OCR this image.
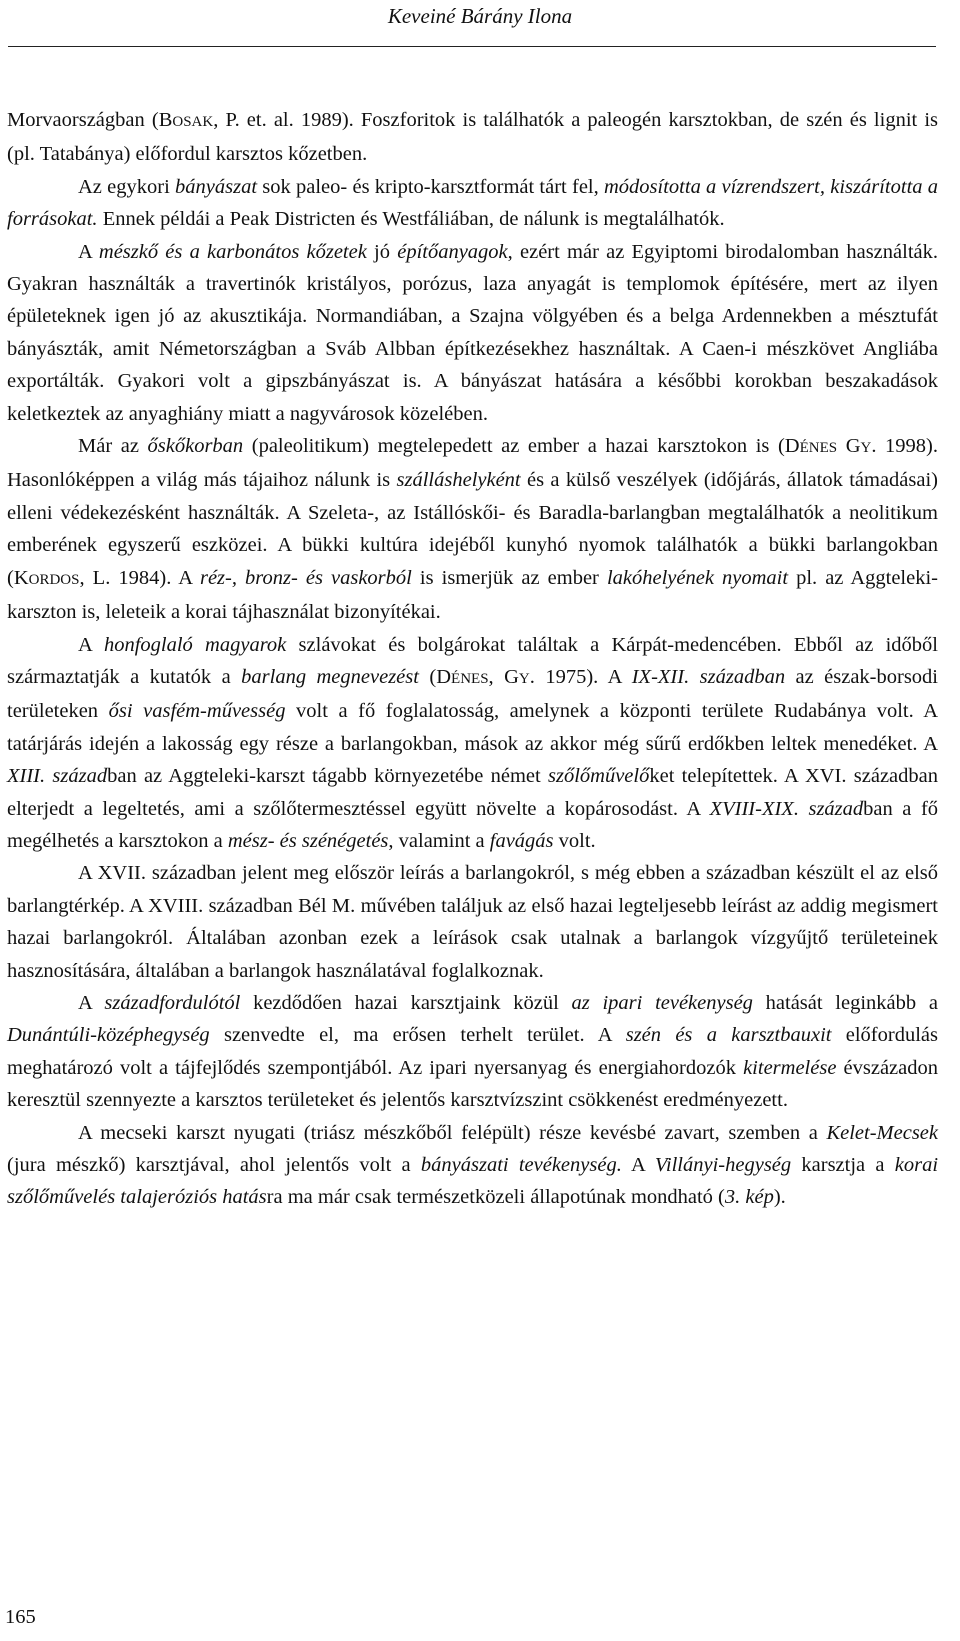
Keveiné Bárány Ilona

Morvaországban (BOSAK, P. et. al. 1989). Foszforitok is találhatók a paleogén karsztokban, de szén és lignit is (pl. Tatabánya) előfordul karsztos kőzetben.

Az egykori bányászat sok paleo- és kripto-karsztformát tárt fel, módosította a vízrendszert, kiszárította a forrásokat. Ennek példái a Peak Districten és Westfáliában, de nálunk is megtalálhatók.

A mészkő és a karbonátos kőzetek jó építőanyagok, ezért már az Egyiptomi birodalomban használták. Gyakran használták a travertinók kristályos, porózus, laza anyagát is templomok építésére, mert az ilyen épületeknek igen jó az akusztikája. Normandiában, a Szajna völgyében és a belga Ardennekben a mésztufát bányászták, amit Németországban a Sváb Albban építkezésekhez használtak. A Caen-i mészkövet Angliába exportálták. Gyakori volt a gipszbányászat is. A bányászat hatására a későbbi korokban beszakadások keletkeztek az anyaghiány miatt a nagyvárosok közelében.

Már az őskőkorban (paleolitikum) megtelepedett az ember a hazai karsztokon is (DÉNES GY. 1998). Hasonlóképpen a világ más tájaihoz nálunk is szálláshelyként és a külső veszélyek (időjárás, állatok támadásai) elleni védekezésként használták. A Szeleta-, az Istállóskői- és Baradla-barlangban megtalálhatók a neolitikum emberének egyszerű eszközei. A bükki kultúra idejéből kunyhó nyomok találhatók a bükki barlangokban (KORDOS, L. 1984). A réz-, bronz- és vaskorból is ismerjük az ember lakóhelyének nyomait pl. az Aggteleki-karszton is, leleteik a korai tájhasználat bizonyítékai.

A honfoglaló magyarok szlávokat és bolgárokat találtak a Kárpát-medencében. Ebből az időből származtatják a kutatók a barlang megnevezést (DÉNES, GY. 1975). A IX-XII. században az észak-borsodi területeken ősi vasfém-művesség volt a fő foglalatosság, amelynek a központi területe Rudabánya volt. A tatárjárás idején a lakosság egy része a barlangokban, mások az akkor még sűrű erdőkben leltek menedéket. A XIII. században az Aggteleki-karszt tágabb környezetébe német szőlőművelőket telepítettek. A XVI. században elterjedt a legeltetés, ami a szőlőtermesztéssel együtt növelte a kopárosodást. A XVIII-XIX. században a fő megélhetés a karsztokon a mész- és szénégetés, valamint a favágás volt.

A XVII. században jelent meg először leírás a barlangokról, s még ebben a században készült el az első barlangtérkép. A XVIII. században Bél M. művében találjuk az első hazai legteljesebb leírást az addig megismert hazai barlangokról. Általában azonban ezek a leírások csak utalnak a barlangok vízgyűjtő területeinek hasznosítására, általában a barlangok használatával foglalkoznak.

A századfordulótól kezdődően hazai karsztjaink közül az ipari tevékenység hatását leginkább a Dunántúli-középhegység szenvedte el, ma erősen terhelt terület. A szén és a karsztbauxit előfordulás meghatározó volt a tájfejlődés szempontjából. Az ipari nyersanyag és energiahordozók kitermelése évszázadon keresztül szennyezte a karsztos területeket és jelentős karsztvízszint csökkenést eredményezett.

A mecseki karszt nyugati (triász mészkőből felépült) része kevésbé zavart, szemben a Kelet-Mecsek (jura mészkő) karsztjával, ahol jelentős volt a bányászati tevékenység. A Villányi-hegység karsztja a korai szőlőművelés talajeróziós hatásra ma már csak természetközeli állapotúnak mondható (3. kép).

165
